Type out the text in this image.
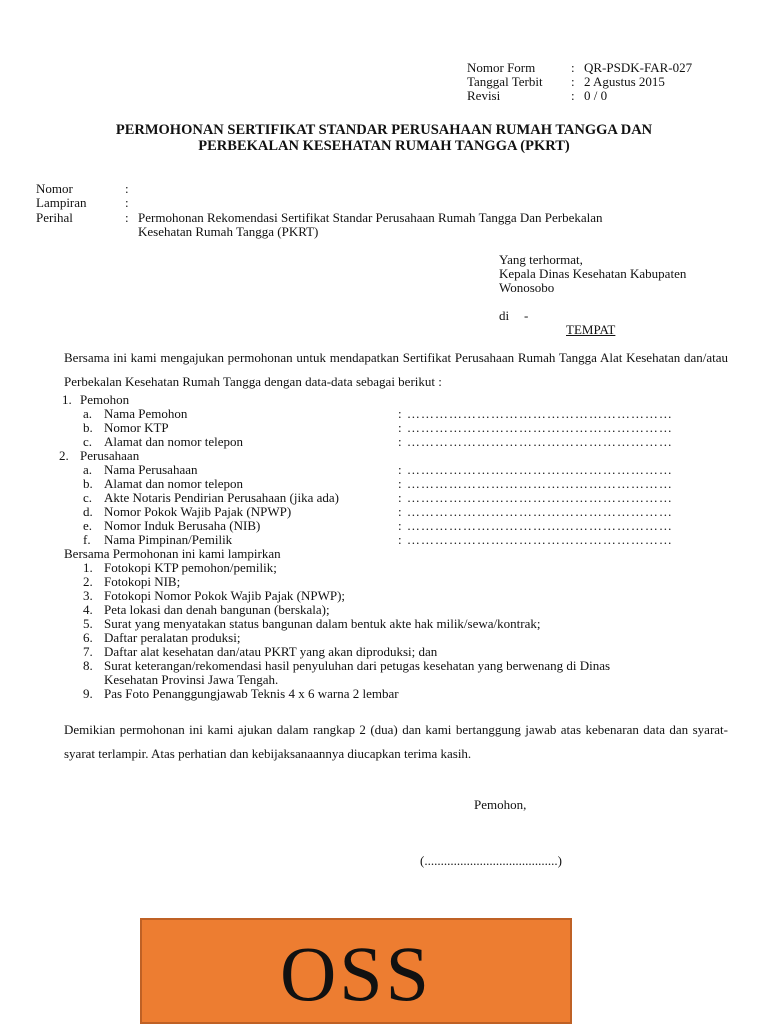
Nomor Form	: QR-PSDK-FAR-027
Tanggal Terbit : 2 Agustus 2015
Revisi	: 0 / 0
PERMOHONAN SERTIFIKAT STANDAR PERUSAHAAN RUMAH TANGGA DAN
PERBEKALAN KESEHATAN RUMAH TANGGA (PKRT)
Nomor	:
Lampiran	:
Perihal	: Permohonan Rekomendasi Sertifikat Standar Perusahaan Rumah Tangga Dan Perbekalan
Kesehatan Rumah Tangga (PKRT)
Yang terhormat,
Kepala Dinas Kesehatan Kabupaten
Wonosobo
di -
TEMPAT
Bersama ini kami mengajukan permohonan untuk mendapatkan Sertifikat Perusahaan Rumah Tangga Alat Kesehatan dan/atau Perbekalan Kesehatan Rumah Tangga dengan data-data sebagai berikut :
1. Pemohon
a. Nama Pemohon	: …………………………………………………
b. Nomor KTP	: …………………………………………………
c. Alamat dan nomor telepon	: …………………………………………………
2. Perusahaan
a. Nama Perusahaan	: …………………………………………………
b. Alamat dan nomor telepon	: …………………………………………………
c. Akte Notaris Pendirian Perusahaan (jika ada)	: …………………………………………………
d. Nomor Pokok Wajib Pajak (NPWP)	: …………………………………………………
e. Nomor Induk Berusaha (NIB)	: …………………………………………………
f. Nama Pimpinan/Pemilik	: …………………………………………………
Bersama Permohonan ini kami lampirkan
1. Fotokopi KTP pemohon/pemilik;
2. Fotokopi NIB;
3. Fotokopi Nomor Pokok Wajib Pajak (NPWP);
4. Peta lokasi dan denah bangunan (berskala);
5. Surat yang menyatakan status bangunan dalam bentuk akte hak milik/sewa/kontrak;
6. Daftar peralatan produksi;
7. Daftar alat kesehatan dan/atau PKRT yang akan diproduksi; dan
8. Surat keterangan/rekomendasi hasil penyuluhan dari petugas kesehatan yang berwenang di Dinas
Kesehatan Provinsi Jawa Tengah.
9. Pas Foto Penanggungjawab Teknis 4 x 6 warna 2 lembar
Demikian permohonan ini kami ajukan dalam rangkap 2 (dua) dan kami bertanggung jawab atas kebenaran data dan syarat-syarat terlampir. Atas perhatian dan kebijaksanaannya diucapkan terima kasih.
Pemohon,
(.........................................)
OSS
